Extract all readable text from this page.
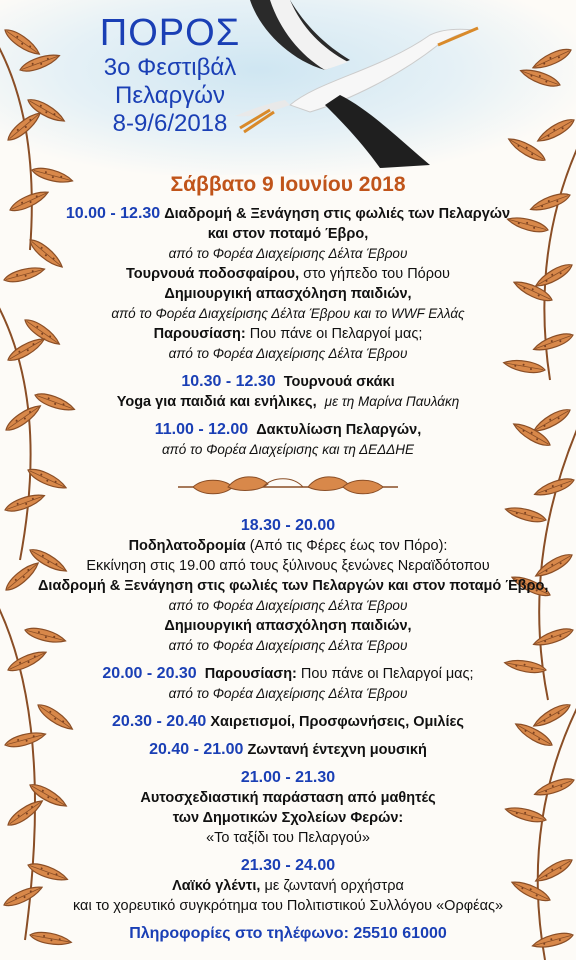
ΠΟΡΟΣ
3ο Φεστιβάλ
Πελαργών
8-9/6/2018
Σάββατο 9 Ιουνίου 2018
10.00 - 12.30 Διαδρομή & Ξενάγηση στις φωλιές των Πελαργών
και στον ποταμό Έβρο,
από το Φορέα Διαχείρισης Δέλτα Έβρου
Τουρνουά ποδοσφαίρου, στο γήπεδο του Πόρου
Δημιουργική απασχόληση παιδιών,
από το Φορέα Διαχείρισης Δέλτα Έβρου και το WWF Ελλάς
Παρουσίαση: Που πάνε οι Πελαργοί μας;
από το Φορέα Διαχείρισης Δέλτα Έβρου
10.30 - 12.30 Τουρνουά σκάκι
Yoga για παιδιά και ενήλικες, με τη Μαρίνα Παυλάκη
11.00 - 12.00 Δακτυλίωση Πελαργών,
από το Φορέα Διαχείρισης και τη ΔΕΔΔΗΕ
18.30 - 20.00
Ποδηλατοδρομία (Από τις Φέρες έως τον Πόρο):
Εκκίνηση στις 19.00 από τους ξύλινους ξενώνες Νεραϊδότοπου
Διαδρομή & Ξενάγηση στις φωλιές των Πελαργών και στον ποταμό Έβρο,
από το Φορέα Διαχείρισης Δέλτα Έβρου
Δημιουργική απασχόληση παιδιών,
από το Φορέα Διαχείρισης Δέλτα Έβρου
20.00 - 20.30 Παρουσίαση: Που πάνε οι Πελαργοί μας;
από το Φορέα Διαχείρισης Δέλτα Έβρου
20.30 - 20.40 Χαιρετισμοί, Προσφωνήσεις, Ομιλίες
20.40 - 21.00 Ζωντανή έντεχνη μουσική
21.00 - 21.30
Αυτοσχεδιαστική παράσταση από μαθητές
των Δημοτικών Σχολείων Φερών:
«Το ταξίδι του Πελαργού»
21.30 - 24.00
Λαϊκό γλέντι, με ζωντανή ορχήστρα
και το χορευτικό συγκρότημα του Πολιτιστικού Συλλόγου «Ορφέας»
Πληροφορίες στο τηλέφωνο: 25510 61000
